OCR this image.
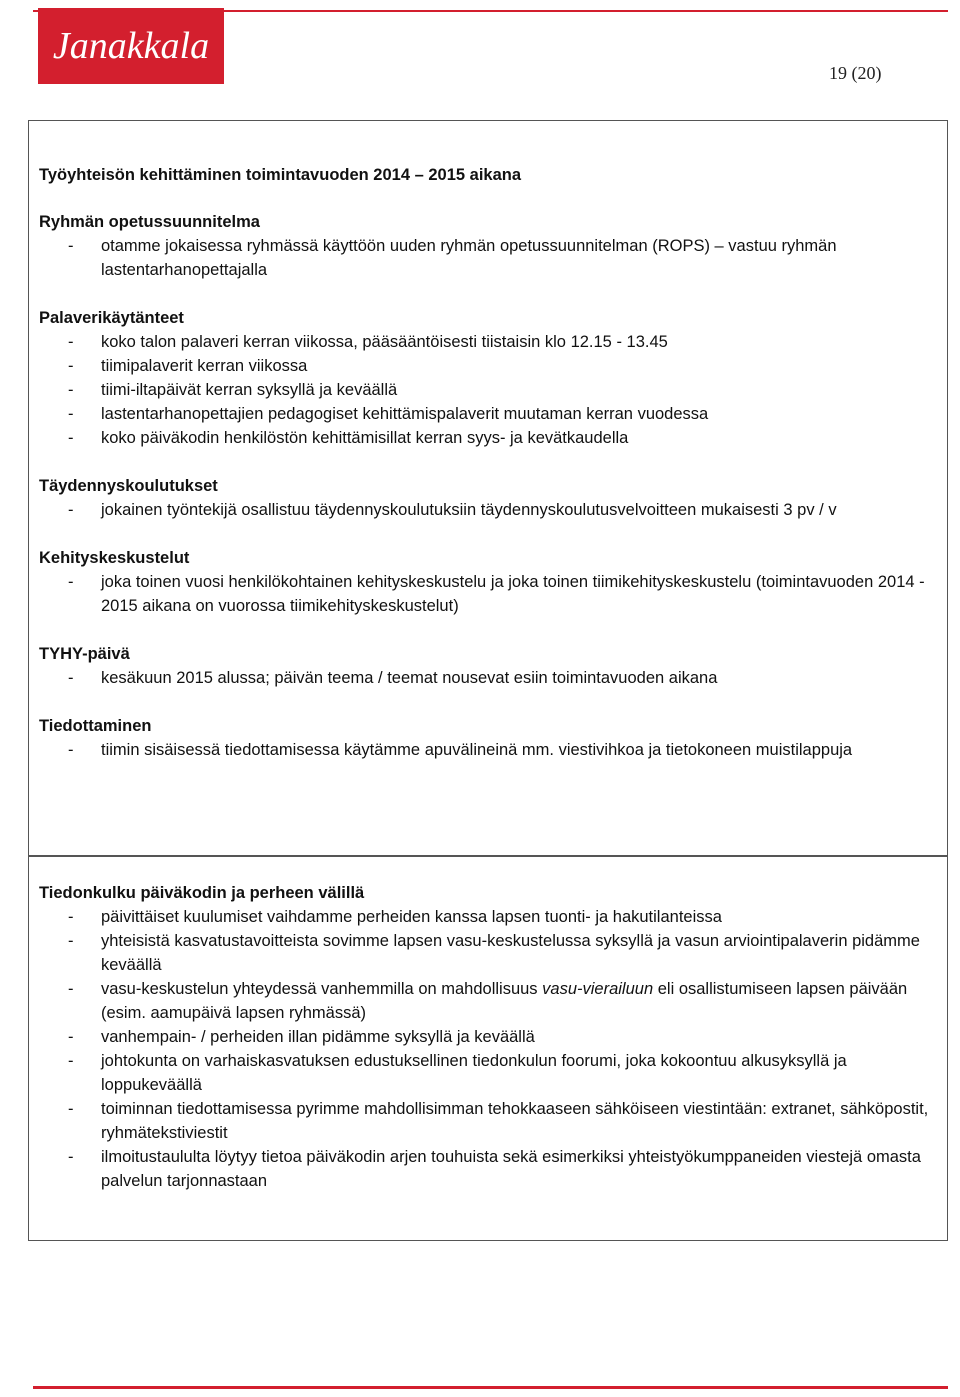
Janakkala
19 (20)
Työyhteisön kehittäminen toimintavuoden 2014 – 2015 aikana
Ryhmän opetussuunnitelma
- otamme jokaisessa ryhmässä käyttöön uuden ryhmän opetussuunnitelman (ROPS) – vastuu ryhmän lastentarhanopettajalla
Palaverikäytänteet
- koko talon palaveri kerran viikossa, pääsääntöisesti tiistaisin klo 12.15 - 13.45
- tiimipalaverit kerran viikossa
- tiimi-iltapäivät kerran syksyllä ja keväällä
- lastentarhanopettajien pedagogiset kehittämispalaverit muutaman kerran vuodessa
- koko päiväkodin henkilöstön kehittämisillat kerran syys- ja kevätkaudella
Täydennyskoulutukset
- jokainen työntekijä osallistuu täydennyskoulutuksiin täydennyskoulutusvelvoitteen mukaisesti 3 pv / v
Kehityskeskustelut
- joka toinen vuosi henkilökohtainen kehityskeskustelu ja joka toinen tiimikehityskeskustelu (toimintavuoden 2014 - 2015 aikana on vuorossa tiimikehityskeskustelut)
TYHY-päivä
- kesäkuun 2015 alussa; päivän teema / teemat nousevat esiin toimintavuoden aikana
Tiedottaminen
- tiimin sisäisessä tiedottamisessa käytämme apuvälineinä mm. viestivihkoa ja tietokoneen muistilappuja
Tiedonkulku päiväkodin ja perheen välillä
- päivittäiset kuulumiset vaihdamme perheiden kanssa lapsen tuonti- ja hakutilanteissa
- yhteisistä kasvatustavoitteista sovimme lapsen vasu-keskustelussa syksyllä ja vasun arviointipalaverin pidämme keväällä
- vasu-keskustelun yhteydessä vanhemmilla on mahdollisuus vasu-vierailuun eli osallistumiseen lapsen päivään (esim. aamupäivä lapsen ryhmässä)
- vanhempain- / perheiden illan pidämme syksyllä ja keväällä
- johtokunta on varhaiskasvatuksen edustuksellinen tiedonkulun foorumi, joka kokoontuu alkusyksyllä ja loppukeväällä
- toiminnan tiedottamisessa pyrimme mahdollisimman tehokkaaseen sähköiseen viestintään: extranet, sähköpostit, ryhmätekstiviestit
- ilmoitustaululta löytyy tietoa päiväkodin arjen touhuista sekä esimerkiksi yhteistyökumppaneiden viestejä omasta palvelun tarjonnastaan
